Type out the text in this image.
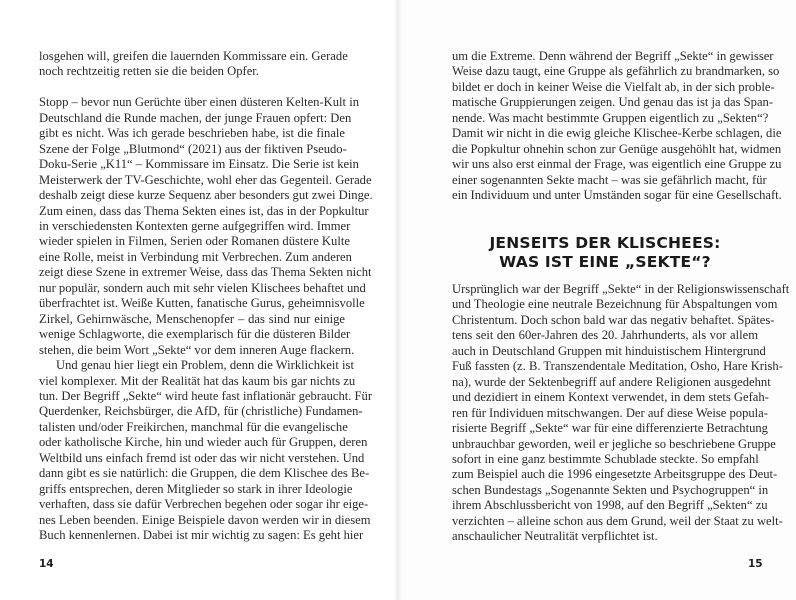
losgehen will, greifen die lauernden Kommissare ein. Gerade
noch rechtzeitig retten sie die beiden Opfer.
Stopp – bevor nun Gerüchte über einen düsteren Kelten-Kult in
Deutschland die Runde machen, der junge Frauen opfert: Den
gibt es nicht. Was ich gerade beschrieben habe, ist die finale
Szene der Folge „Blutmond“ (2021) aus der fiktiven Pseudo-
Doku-Serie „K11“ – Kommissare im Einsatz. Die Serie ist kein
Meisterwerk der TV-Geschichte, wohl eher das Gegenteil. Gerade
deshalb zeigt diese kurze Sequenz aber besonders gut zwei Dinge.
Zum einen, dass das Thema Sekten eines ist, das in der Popkultur
in verschiedensten Kontexten gerne aufgegriffen wird. Immer
wieder spielen in Filmen, Serien oder Romanen düstere Kulte
eine Rolle, meist in Verbindung mit Verbrechen. Zum anderen
zeigt diese Szene in extremer Weise, dass das Thema Sekten nicht
nur populär, sondern auch mit sehr vielen Klischees behaftet und
überfrachtet ist. Weiße Kutten, fanatische Gurus, geheimnisvolle
Zirkel, Gehirnwäsche, Menschenopfer – das sind nur einige
wenige Schlagworte, die exemplarisch für die düsteren Bilder
stehen, die beim Wort „Sekte“ vor dem inneren Auge flackern.
Und genau hier liegt ein Problem, denn die Wirklichkeit ist
viel komplexer. Mit der Realität hat das kaum bis gar nichts zu
tun. Der Begriff „Sekte“ wird heute fast inflationär gebraucht. Für
Querdenker, Reichsbürger, die AfD, für (christliche) Fundamen-
talisten und/oder Freikirchen, manchmal für die evangelische
oder katholische Kirche, hin und wieder auch für Gruppen, deren
Weltbild uns einfach fremd ist oder das wir nicht verstehen. Und
dann gibt es sie natürlich: die Gruppen, die dem Klischee des Be-
griffs entsprechen, deren Mitglieder so stark in ihrer Ideologie
verhaften, dass sie dafür Verbrechen begehen oder sogar ihr eige-
nes Leben beenden. Einige Beispiele davon werden wir in diesem
Buch kennenlernen. Dabei ist mir wichtig zu sagen: Es geht hier
14
um die Extreme. Denn während der Begriff „Sekte“ in gewisser
Weise dazu taugt, eine Gruppe als gefährlich zu brandmarken, so
bildet er doch in keiner Weise die Vielfalt ab, in der sich proble-
matische Gruppierungen zeigen. Und genau das ist ja das Span-
nende. Was macht bestimmte Gruppen eigentlich zu „Sekten“?
Damit wir nicht in die ewig gleiche Klischee-Kerbe schlagen, die
die Popkultur ohnehin schon zur Genüge ausgehöhlt hat, widmen
wir uns also erst einmal der Frage, was eigentlich eine Gruppe zu
einer sogenannten Sekte macht – was sie gefährlich macht, für
ein Individuum und unter Umständen sogar für eine Gesellschaft.
JENSEITS DER KLISCHEES:
WAS IST EINE „SEKTE“?
Ursprünglich war der Begriff „Sekte“ in der Religionswissenschaft
und Theologie eine neutrale Bezeichnung für Abspaltungen vom
Christentum. Doch schon bald war das negativ behaftet. Spätes-
tens seit den 60er-Jahren des 20. Jahrhunderts, als vor allem
auch in Deutschland Gruppen mit hinduistischem Hintergrund
Fuß fassten (z. B. Transzendentale Meditation, Osho, Hare Krish-
na), wurde der Sektenbegriff auf andere Religionen ausgedehnt
und dezidiert in einem Kontext verwendet, in dem stets Gefah-
ren für Individuen mitschwangen. Der auf diese Weise popula-
risierte Begriff „Sekte“ war für eine differenzierte Betrachtung
unbrauchbar geworden, weil er jegliche so beschriebene Gruppe
sofort in eine ganz bestimmte Schublade steckte. So empfahl
zum Beispiel auch die 1996 eingesetzte Arbeitsgruppe des Deut-
schen Bundestags „Sogenannte Sekten und Psychogruppen“ in
ihrem Abschlussbericht von 1998, auf den Begriff „Sekten“ zu
verzichten – alleine schon aus dem Grund, weil der Staat zu welt-
anschaulicher Neutralität verpflichtet ist.
15
